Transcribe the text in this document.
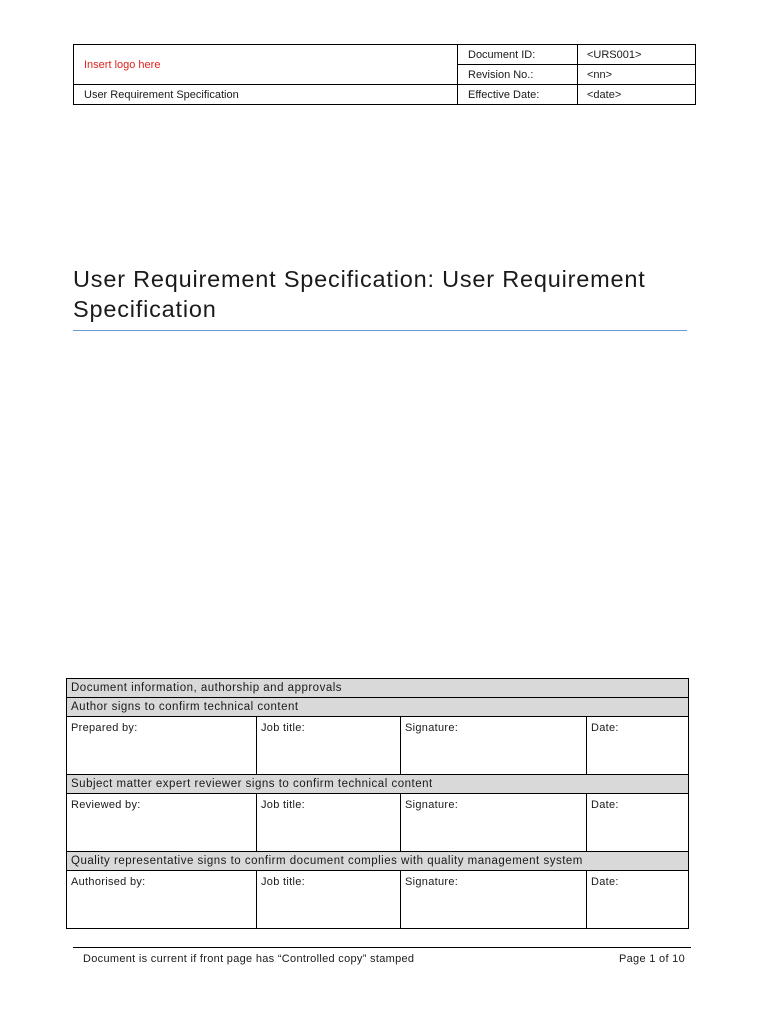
Insert logo here	Document ID:	<URS001>
	Revision No.:	<nn>
User Requirement Specification	Effective Date:	<date>
User Requirement Specification: User Requirement Specification
Document information, authorship and approvals			
Author signs to confirm technical content			
Prepared by:	Job title:	Signature:	Date:
Subject matter expert reviewer signs to confirm technical content			
Reviewed by:	Job title:	Signature:	Date:
Quality representative signs to confirm document complies with quality management system			
Authorised by:	Job title:	Signature:	Date:
Document is current if front page has “Controlled copy” stamped	Page 1 of 10
